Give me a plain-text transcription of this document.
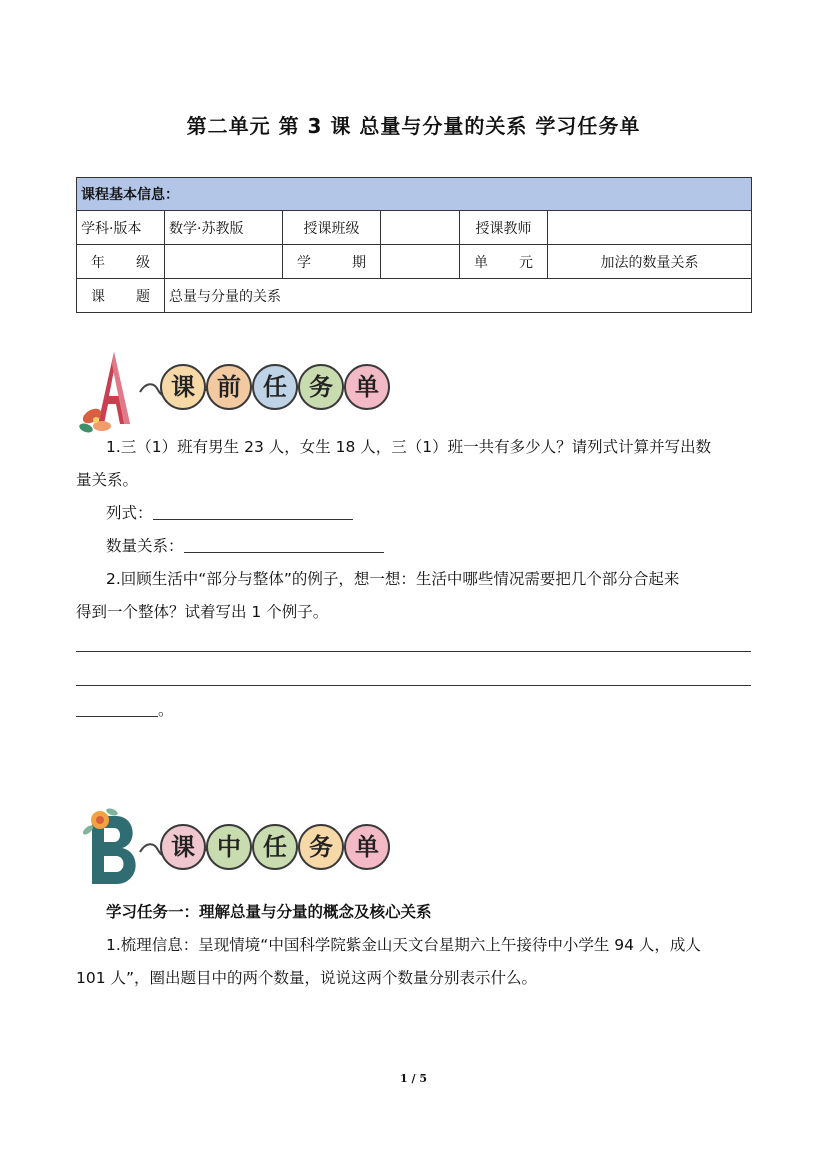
第二单元 第 3 课 总量与分量的关系 学习任务单
课程基本信息：					
学科·版本	数学·苏教版	授课班级		授课教师	
年 级		学 期		单 元	加法的数量关系
课 题	总量与分量的关系				
课 前 任 务 单
1.三（1）班有男生 23 人，女生 18 人，三（1）班一共有多少人？请列式计算并写出数
量关系。
列式：
数量关系：
2.回顾生活中“部分与整体”的例子，想一想：生活中哪些情况需要把几个部分合起来
得到一个整体？试着写出 1 个例子。
。
课 中 任 务 单
学习任务一：理解总量与分量的概念及核心关系
1.梳理信息：呈现情境“中国科学院紫金山天文台星期六上午接待中小学生 94 人，成人
101 人”，圈出题目中的两个数量，说说这两个数量分别表示什么。
1 / 5
